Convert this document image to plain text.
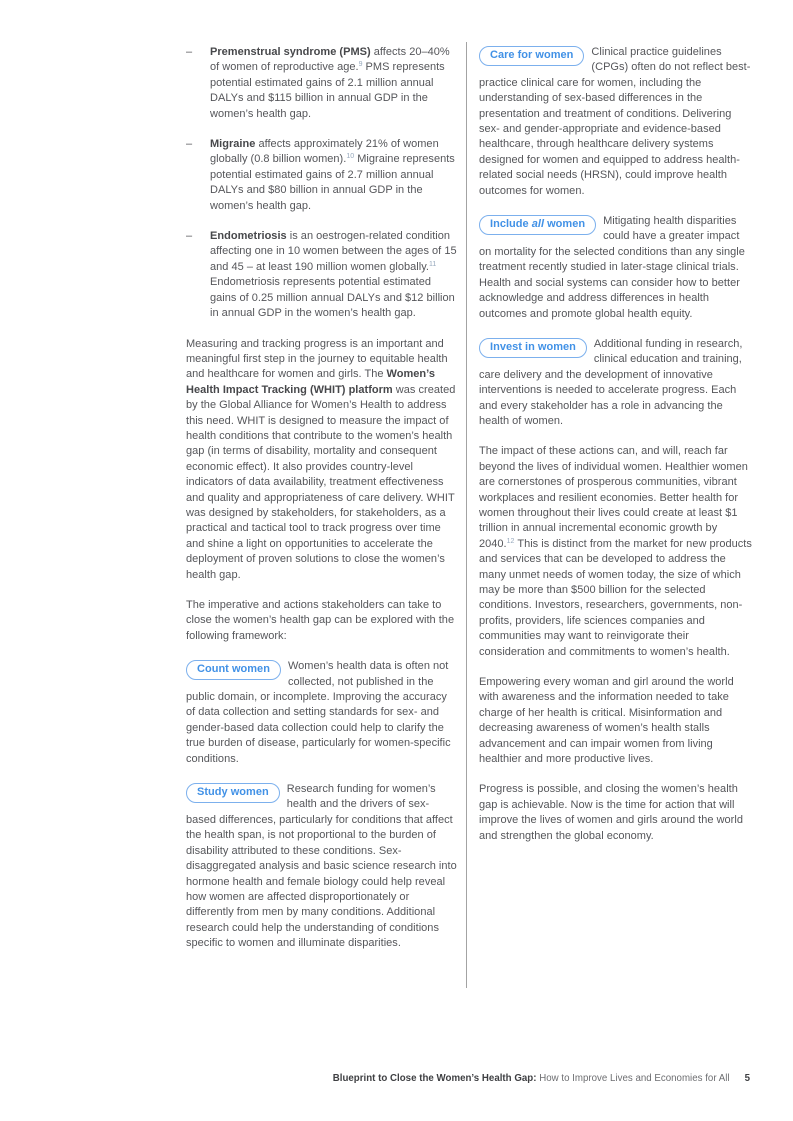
–	Premenstrual syndrome (PMS) affects 20–40% of women of reproductive age.$^9$ PMS represents potential estimated gains of 2.1 million annual DALYs and $115 billion in annual GDP in the women’s health gap.

–	Migraine affects approximately 21% of women globally (0.8 billion women).$^{10}$ Migraine represents potential estimated gains of 2.7 million annual DALYs and $80 billion in annual GDP in the women’s health gap.

–	Endometriosis is an oestrogen-related condition affecting one in 10 women between the ages of 15 and 45 – at least 190 million women globally.$^{11}$ Endometriosis represents potential estimated gains of 0.25 million annual DALYs and $12 billion in annual GDP in the women’s health gap.

Measuring and tracking progress is an important and meaningful first step in the journey to equitable health and healthcare for women and girls. The Women’s Health Impact Tracking (WHIT) platform was created by the Global Alliance for Women’s Health to address this need. WHIT is designed to measure the impact of health conditions that contribute to the women’s health gap (in terms of disability, mortality and consequent economic effect). It also provides country-level indicators of data availability, treatment effectiveness and quality and appropriateness of care delivery. WHIT was designed by stakeholders, for stakeholders, as a practical and tactical tool to track progress over time and shine a light on opportunities to accelerate the deployment of proven solutions to close the women’s health gap.

The imperative and actions stakeholders can take to close the women’s health gap can be explored with the following framework:

Count women	Women’s health data is often not collected, not published in the public domain, or incomplete. Improving the accuracy of data collection and setting standards for sex- and gender-based data collection could help to clarify the true burden of disease, particularly for women-specific conditions.
Study women	Research funding for women’s health and the drivers of sex-based differences, particularly for conditions that affect the health span, is not proportional to the burden of disability attributed to these conditions. Sex-disaggregated analysis and basic science research into hormone health and female biology could help reveal how women are affected disproportionately or differently from men by many conditions. Additional research could help the understanding of conditions specific to women and illuminate disparities.
Care for women	Clinical practice guidelines (CPGs) often do not reflect best-practice clinical care for women, including the understanding of sex-based differences in the presentation and treatment of conditions. Delivering sex- and gender-appropriate and evidence-based healthcare, through healthcare delivery systems designed for women and equipped to address health-related social needs (HRSN), could improve health outcomes for women.
Include all women	Mitigating health disparities could have a greater impact on mortality for the selected conditions than any single treatment recently studied in later-stage clinical trials. Health and social systems can consider how to better acknowledge and address differences in health outcomes and promote global health equity.
Invest in women	Additional funding in research, clinical education and training, care delivery and the development of innovative interventions is needed to accelerate progress. Each and every stakeholder has a role in advancing the health of women.

The impact of these actions can, and will, reach far beyond the lives of individual women. Healthier women are cornerstones of prosperous communities, vibrant workplaces and resilient economies. Better health for women throughout their lives could create at least $1 trillion in annual incremental economic growth by 2040.12 This is distinct from the market for new products and services that can be developed to address the many unmet needs of women today, the size of which may be more than $500 billion for the selected conditions. Investors, researchers, governments, non-profits, providers, life sciences companies and communities may want to reinvigorate their consideration and commitments to women’s health.

Empowering every woman and girl around the world with awareness and the information needed to take charge of her health is critical. Misinformation and decreasing awareness of women’s health stalls advancement and can impair women from living healthier and more productive lives.

Progress is possible, and closing the women’s health gap is achievable. Now is the time for action that will improve the lives of women and girls around the world and strengthen the global economy.

Blueprint to Close the Women’s Health Gap: How to Improve Lives and Economies for All 5
